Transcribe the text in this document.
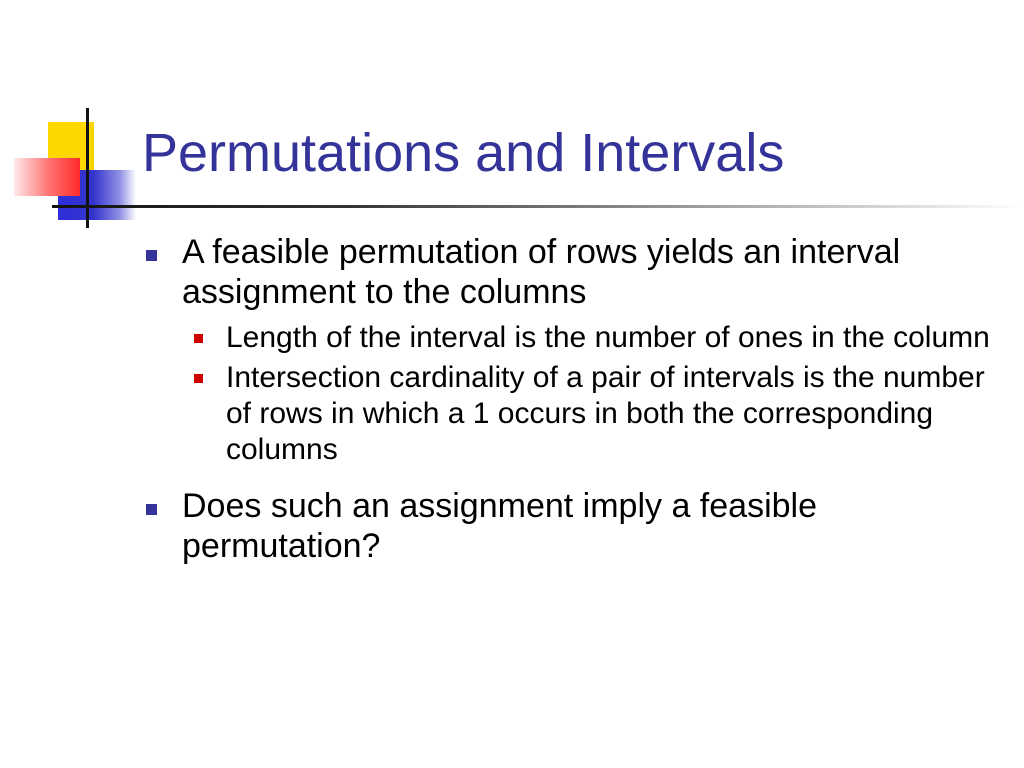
Permutations and Intervals
A feasible permutation of rows yields an interval assignment to the columns
Length of the interval is the number of ones in the column
Intersection cardinality of a pair of intervals is the number of rows in which a 1 occurs in both the corresponding columns
Does such an assignment imply a feasible permutation?
